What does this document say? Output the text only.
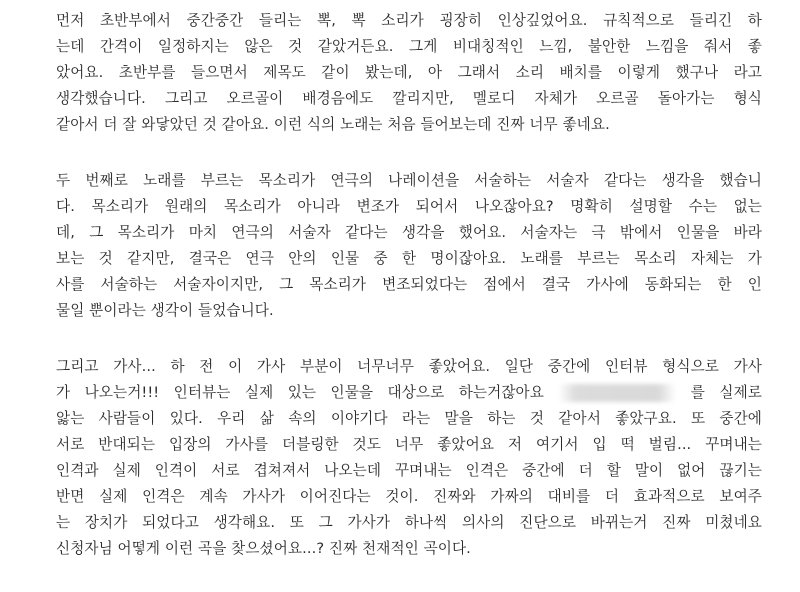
먼저 초반부에서 중간중간 들리는 뽁, 뽁 소리가 굉장히 인상깊었어요. 규칙적으로 들리긴 하
는데 간격이 일정하지는 않은 것 같았거든요. 그게 비대칭적인 느낌, 불안한 느낌을 줘서 좋
았어요. 초반부를 들으면서 제목도 같이 봤는데, 아 그래서 소리 배치를 이렇게 했구나 라고
생각했습니다. 그리고 오르골이 배경음에도 깔리지만, 멜로디 자체가 오르골 돌아가는 형식
같아서 더 잘 와닿았던 것 같아요. 이런 식의 노래는 처음 들어보는데 진짜 너무 좋네요.
두 번째로 노래를 부르는 목소리가 연극의 나레이션을 서술하는 서술자 같다는 생각을 했습니
다. 목소리가 원래의 목소리가 아니라 변조가 되어서 나오잖아요? 명확히 설명할 수는 없는
데, 그 목소리가 마치 연극의 서술자 같다는 생각을 했어요. 서술자는 극 밖에서 인물을 바라
보는 것 같지만, 결국은 연극 안의 인물 중 한 명이잖아요. 노래를 부르는 목소리 자체는 가
사를 서술하는 서술자이지만, 그 목소리가 변조되었다는 점에서 결국 가사에 동화되는 한 인
물일 뿐이라는 생각이 들었습니다.
그리고 가사... 하 전 이 가사 부분이 너무너무 좋았어요. 일단 중간에 인터뷰 형식으로 가사
가 나오는거!!! 인터뷰는 실제 있는 인물을 대상으로 하는거잖아요	를 실제로
앓는 사람들이 있다. 우리 삶 속의 이야기다 라는 말을 하는 것 같아서 좋았구요. 또 중간에
서로 반대되는 입장의 가사를 더블링한 것도 너무 좋았어요 저 여기서 입 떡 벌림... 꾸며내는
인격과 실제 인격이 서로 겹쳐져서 나오는데 꾸며내는 인격은 중간에 더 할 말이 없어 끊기는
반면 실제 인격은 계속 가사가 이어진다는 것이. 진짜와 가짜의 대비를 더 효과적으로 보여주
는 장치가 되었다고 생각해요. 또 그 가사가 하나씩 의사의 진단으로 바뀌는거 진짜 미쳤네요
신청자님 어떻게 이런 곡을 찾으셨어요...? 진짜 천재적인 곡이다.
